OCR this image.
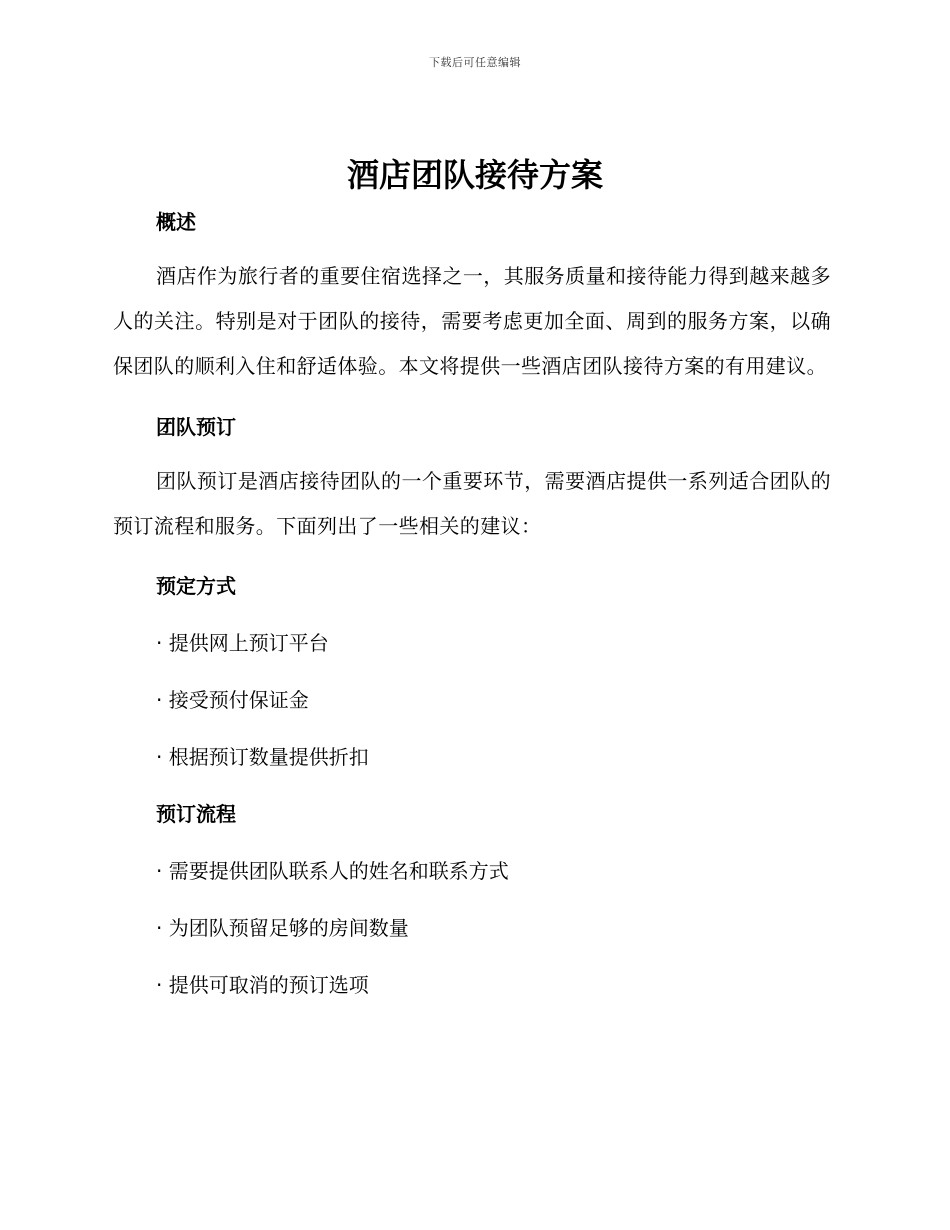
下载后可任意编辑
酒店团队接待方案
概述

酒店作为旅行者的重要住宿选择之一，其服务质量和接待能力得到越来越多人的关注。特别是对于团队的接待，需要考虑更加全面、周到的服务方案，以确保团队的顺利入住和舒适体验。本文将提供一些酒店团队接待方案的有用建议。

团队预订

团队预订是酒店接待团队的一个重要环节，需要酒店提供一系列适合团队的预订流程和服务。下面列出了一些相关的建议：

预定方式
· 提供网上预订平台
· 接受预付保证金
· 根据预订数量提供折扣
预订流程
· 需要提供团队联系人的姓名和联系方式
· 为团队预留足够的房间数量
· 提供可取消的预订选项
